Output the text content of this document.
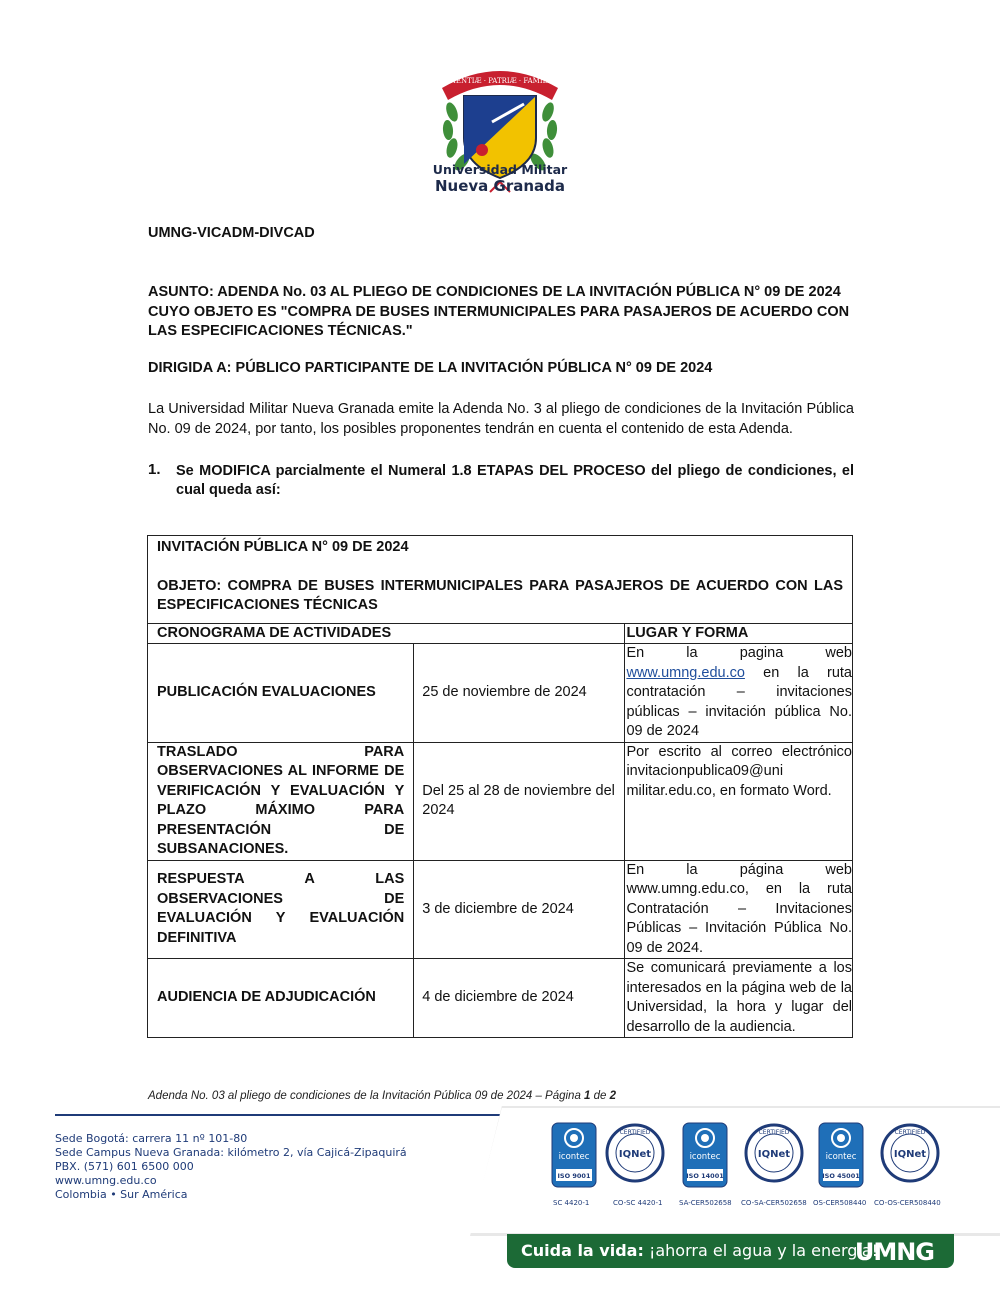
SCIENTIÆ · PATRIÆ · FAMILIÆ
Universidad Militar
Nueva Granada
UMNG-VICADM-DIVCAD
ASUNTO: ADENDA No. 03 AL PLIEGO DE CONDICIONES DE LA INVITACIÓN PÚBLICA N° 09 DE 2024 CUYO OBJETO ES "COMPRA DE BUSES INTERMUNICIPALES PARA PASAJEROS DE ACUERDO CON LAS ESPECIFICACIONES TÉCNICAS."
DIRIGIDA A: PÚBLICO PARTICIPANTE DE LA INVITACIÓN PÚBLICA N° 09 DE 2024
La Universidad Militar Nueva Granada emite la Adenda No. 3 al pliego de condiciones de la Invitación Pública No. 09 de 2024, por tanto, los posibles proponentes tendrán en cuenta el contenido de esta Adenda.
1. Se MODIFICA parcialmente el Numeral 1.8 ETAPAS DEL PROCESO del pliego de condiciones, el cual queda así:

INVITACIÓN PÚBLICA N° 09 DE 2024

OBJETO: COMPRA DE BUSES INTERMUNICIPALES PARA PASAJEROS DE ACUERDO CON LAS ESPECIFICACIONES TÉCNICAS		

CRONOGRAMA DE ACTIVIDADES		LUGAR Y FORMA
PUBLICACIÓN EVALUACIONES	25 de noviembre de 2024	En la pagina web www.umng.edu.co en la ruta contratación – invitaciones públicas – invitación pública No. 09 de 2024
TRASLADO PARA OBSERVACIONES AL INFORME DE VERIFICACIÓN Y EVALUACIÓN Y PLAZO MÁXIMO PARA PRESENTACIÓN DE SUBSANACIONES.	Del 25 al 28 de noviembre del 2024	Por escrito al correo electrónico invitacionpublica09@uni militar.edu.co, en formato Word.
RESPUESTA A LAS OBSERVACIONES DE EVALUACIÓN Y EVALUACIÓN DEFINITIVA	3 de diciembre de 2024	En la página web www.umng.edu.co, en la ruta Contratación – Invitaciones Públicas – Invitación Pública No. 09 de 2024.
AUDIENCIA DE ADJUDICACIÓN	4 de diciembre de 2024	Se comunicará previamente a los interesados en la página web de la Universidad, la hora y lugar del desarrollo de la audiencia.
Adenda No. 03 al pliego de condiciones de la Invitación Pública 09 de 2024 – Página 1 de 2
Sede Bogotá: carrera 11 nº 101-80
Sede Campus Nueva Granada: kilómetro 2, vía Cajicá-Zipaquirá
PBX. (571) 601 6500 000
www.umng.edu.co
Colombia • Sur América
icontec
ISO 9001
SC 4420-1
CERTIFIED
IQNet
CO-SC 4420-1
icontec
ISO 14001
SA-CER502658
CERTIFIED
IQNet
CO-SA-CER502658
icontec
ISO 45001
OS-CER508440
CERTIFIED
IQNet
CO-OS-CER508440
Cuida la vida: ¡ahorra el agua y la energía!
UMNG
